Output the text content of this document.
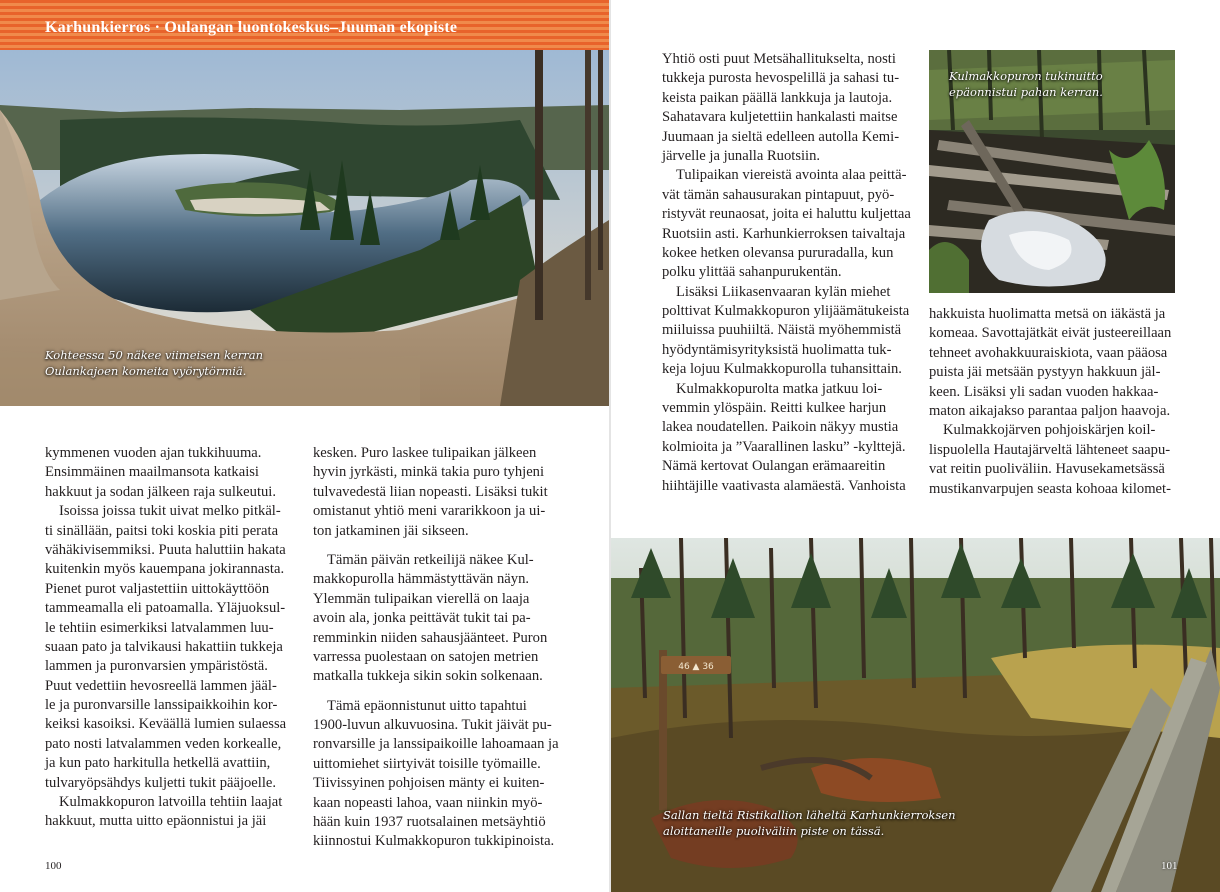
Karhunkierros · Oulangan luontokeskus–Juuman ekopiste
Kohteessa 50 näkee viimeisen kerran
Oulankajoen komeita vyörytörmiä.
kymmenen vuoden ajan tukkihuuma.
Ensimmäinen maailmansota katkaisi
hakkuut ja sodan jälkeen raja sulkeutui.
Isoissa joissa tukit uivat melko pitkäl-
ti sinällään, paitsi toki koskia piti perata
vähäkivisemmiksi. Puuta haluttiin hakata
kuitenkin myös kauempana jokirannasta.
Pienet purot valjastettiin uittokäyttöön
tammeamalla eli patoamalla. Yläjuoksul-
le tehtiin esimerkiksi latvalammen luu-
suaan pato ja talvikausi hakattiin tukkeja
lammen ja puronvarsien ympäristöstä.
Puut vedettiin hevosreellä lammen jääl-
le ja puronvarsille lanssipaikkoihin kor-
keiksi kasoiksi. Keväällä lumien sulaessa
pato nosti latvalammen veden korkealle,
ja kun pato harkitulla hetkellä avattiin,
tulvaryöpsähdys kuljetti tukit pääjoelle.
Kulmakkopuron latvoilla tehtiin laajat
hakkuut, mutta uitto epäonnistui ja jäi
kesken. Puro laskee tulipaikan jälkeen
hyvin jyrkästi, minkä takia puro tyhjeni
tulvavedestä liian nopeasti. Lisäksi tukit
omistanut yhtiö meni vararikkoon ja ui-
ton jatkaminen jäi sikseen.
Tämän päivän retkeilijä näkee Kul-
makkopurolla hämmästyttävän näyn.
Ylemmän tulipaikan vierellä on laaja
avoin ala, jonka peittävät tukit tai pa-
remminkin niiden sahausjäänteet. Puron
varressa puolestaan on satojen metrien
matkalla tukkeja sikin sokin solkenaan.
Tämä epäonnistunut uitto tapahtui
1900-luvun alkuvuosina. Tukit jäivät pu-
ronvarsille ja lanssipaikoille lahoamaan ja
uittomiehet siirtyivät toisille työmaille.
Tiivissyinen pohjoisen mänty ei kuiten-
kaan nopeasti lahoa, vaan niinkin myö-
hään kuin 1937 ruotsalainen metsäyhtiö
kiinnostui Kulmakkopuron tukkipinoista.
100
Yhtiö osti puut Metsähallitukselta, nosti
tukkeja purosta hevospelillä ja sahasi tu-
keista paikan päällä lankkuja ja lautoja.
Sahatavara kuljetettiin hankalasti maitse
Juumaan ja sieltä edelleen autolla Kemi-
järvelle ja junalla Ruotsiin.
Tulipaikan viereistä avointa alaa peittä-
vät tämän sahausurakan pintapuut, pyö-
ristyvät reunaosat, joita ei haluttu kuljettaa
Ruotsiin asti. Karhunkierroksen taivaltaja
kokee hetken olevansa pururadalla, kun
polku ylittää sahanpurukentän.
Lisäksi Liikasenvaaran kylän miehet
polttivat Kulmakkopuron ylijäämätukeista
miiluissa puuhiiltä. Näistä myöhemmistä
hyödyntämisyrityksistä huolimatta tuk-
keja lojuu Kulmakkopurolla tuhansittain.
Kulmakkopurolta matka jatkuu loi-
vemmin ylöspäin. Reitti kulkee harjun
lakea noudatellen. Paikoin näkyy mustia
kolmioita ja ”Vaarallinen lasku” -kylttejä.
Nämä kertovat Oulangan erämaareitin
hiihtäjille vaativasta alamäestä. Vanhoista
Kulmakkopuron tukinuitto
epäonnistui pahan kerran.
hakkuista huolimatta metsä on iäkästä ja
komeaa. Savottajätkät eivät justeereillaan
tehneet avohakkuuraiskiota, vaan pääosa
puista jäi metsään pystyyn hakkuun jäl-
keen. Lisäksi yli sadan vuoden hakkaa-
maton aikajakso parantaa paljon haavoja.
Kulmakkojärven pohjoiskärjen koil-
lispuolella Hautajärveltä lähteneet saapu-
vat reitin puoliväliin. Havusekametsässä
mustikanvarpujen seasta kohoaa kilomet-
46 ▲ 36
Sallan tieltä Ristikallion läheltä Karhunkierroksen
aloittaneille puoliväliin piste on tässä.
101
